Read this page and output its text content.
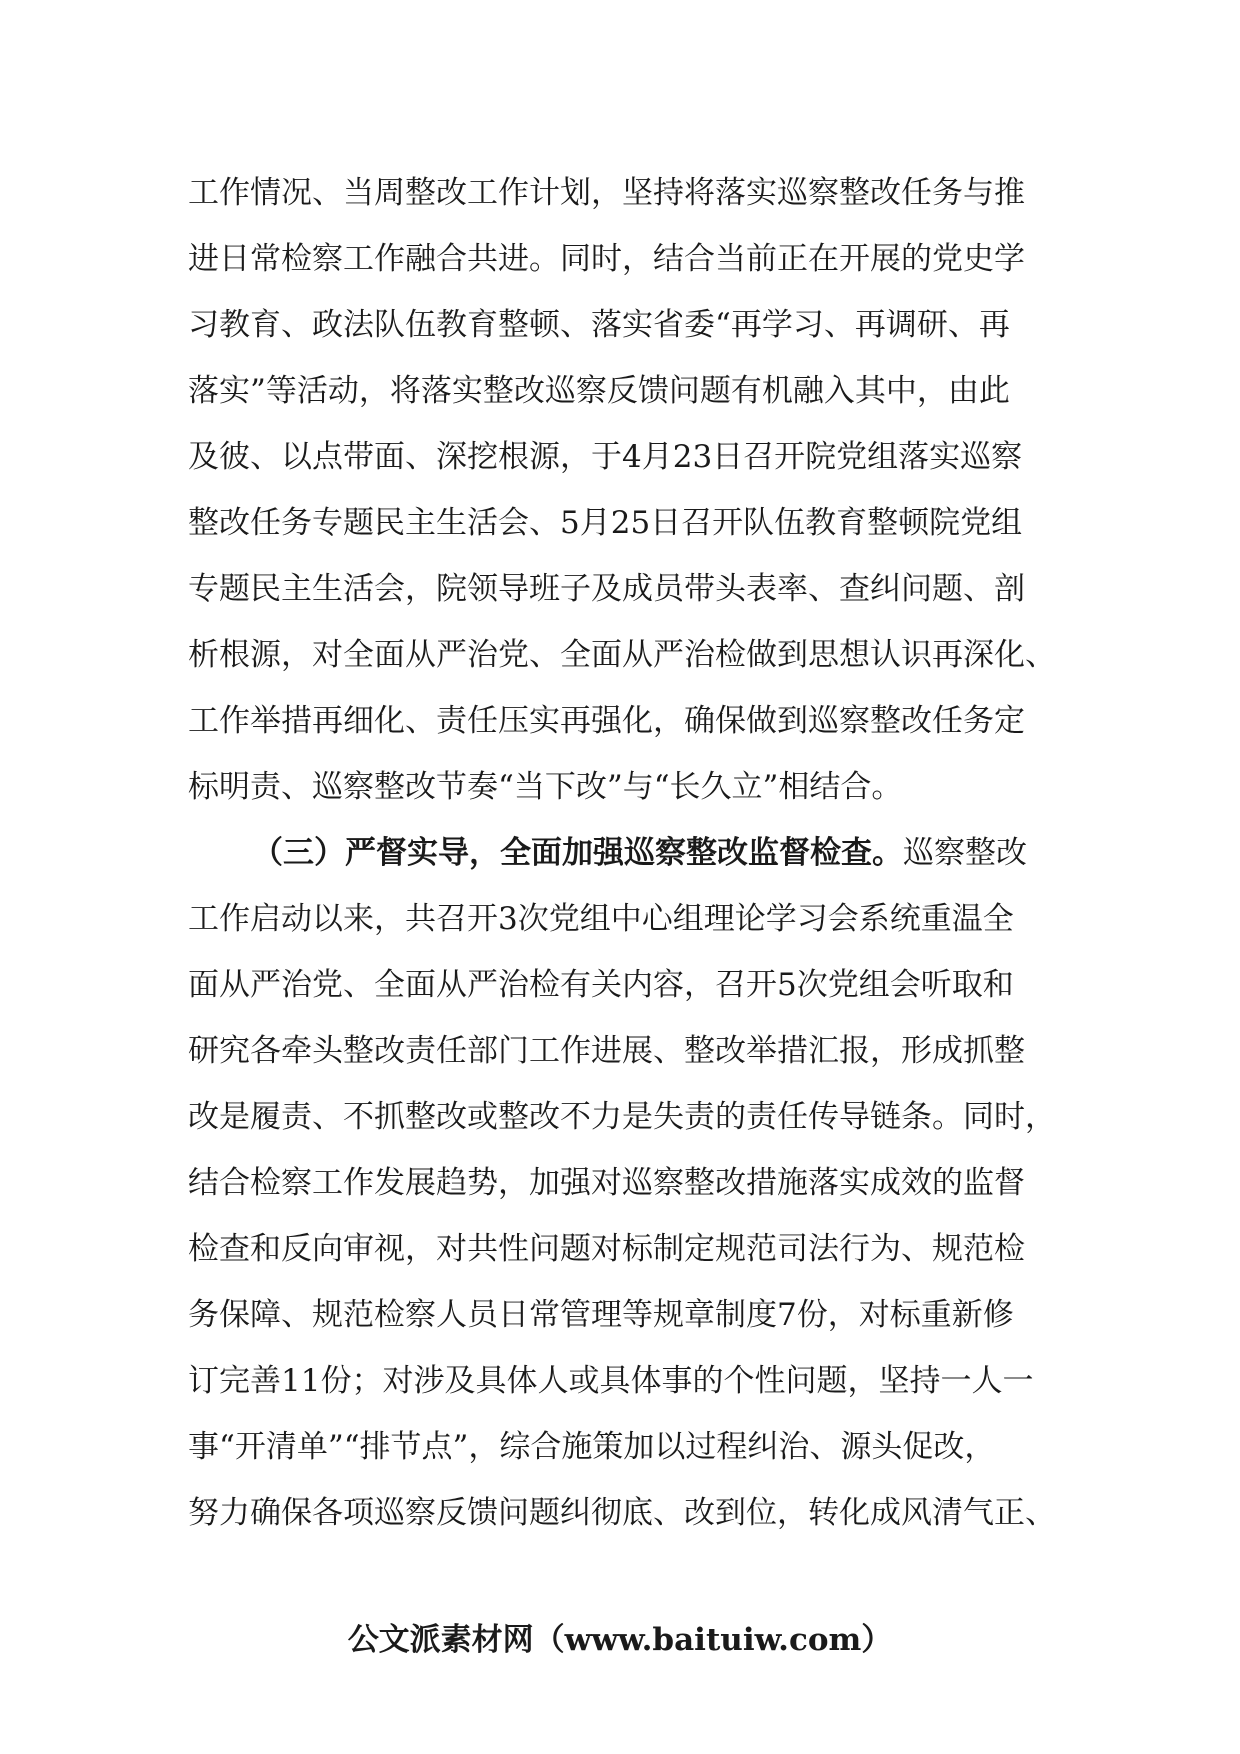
工作情况、当周整改工作计划，坚持将落实巡察整改任务与推
进日常检察工作融合共进。同时，结合当前正在开展的党史学
习教育、政法队伍教育整顿、落实省委“再学习、再调研、再
落实”等活动，将落实整改巡察反馈问题有机融入其中，由此
及彼、以点带面、深挖根源，于4月23日召开院党组落实巡察
整改任务专题民主生活会、5月25日召开队伍教育整顿院党组
专题民主生活会，院领导班子及成员带头表率、查纠问题、剖
析根源，对全面从严治党、全面从严治检做到思想认识再深化、
工作举措再细化、责任压实再强化，确保做到巡察整改任务定
标明责、巡察整改节奏“当下改”与“长久立”相结合。
（三）严督实导，全面加强巡察整改监督检查。巡察整改
工作启动以来，共召开3次党组中心组理论学习会系统重温全
面从严治党、全面从严治检有关内容，召开5次党组会听取和
研究各牵头整改责任部门工作进展、整改举措汇报，形成抓整
改是履责、不抓整改或整改不力是失责的责任传导链条。同时，
结合检察工作发展趋势，加强对巡察整改措施落实成效的监督
检查和反向审视，对共性问题对标制定规范司法行为、规范检
务保障、规范检察人员日常管理等规章制度7份，对标重新修
订完善11份；对涉及具体人或具体事的个性问题，坚持一人一
事“开清单”“排节点”，综合施策加以过程纠治、源头促改，
努力确保各项巡察反馈问题纠彻底、改到位，转化成风清气正、
公文派素材网（www.baituiw.com）
